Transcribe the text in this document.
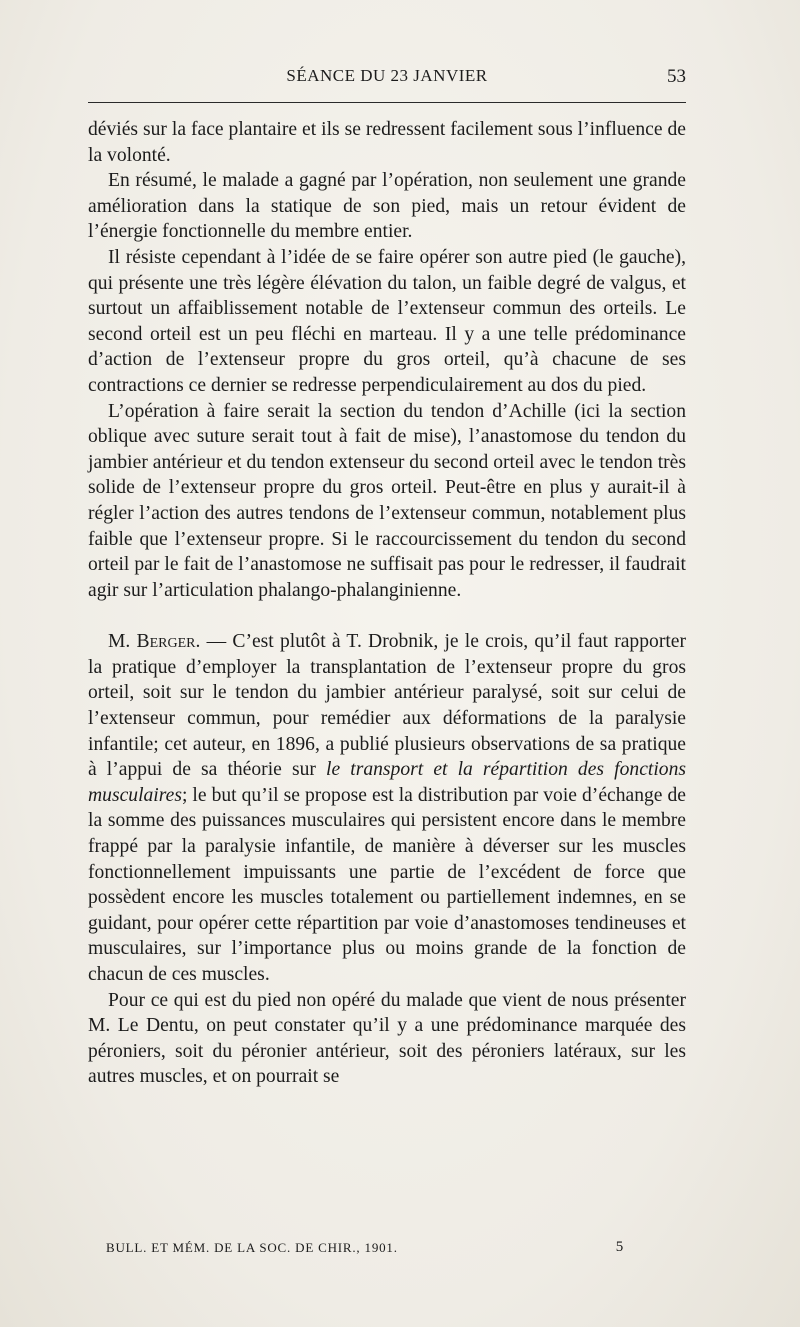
SÉANCE DU 23 JANVIER	53

déviés sur la face plantaire et ils se redressent facilement sous l’influence de la volonté.

En résumé, le malade a gagné par l’opération, non seulement une grande amélioration dans la statique de son pied, mais un retour évident de l’énergie fonctionnelle du membre entier.

Il résiste cependant à l’idée de se faire opérer son autre pied (le gauche), qui présente une très légère élévation du talon, un faible degré de valgus, et surtout un affaiblissement notable de l’extenseur commun des orteils. Le second orteil est un peu fléchi en marteau. Il y a une telle prédominance d’action de l’extenseur propre du gros orteil, qu’à chacune de ses contractions ce dernier se redresse perpendiculairement au dos du pied.

L’opération à faire serait la section du tendon d’Achille (ici la section oblique avec suture serait tout à fait de mise), l’anastomose du tendon du jambier antérieur et du tendon extenseur du second orteil avec le tendon très solide de l’extenseur propre du gros orteil. Peut-être en plus y aurait-il à régler l’action des autres tendons de l’extenseur commun, notablement plus faible que l’extenseur propre. Si le raccourcissement du tendon du second orteil par le fait de l’anastomose ne suffisait pas pour le redresser, il faudrait agir sur l’articulation phalango-phalanginienne.

M. Berger. — C’est plutôt à T. Drobnik, je le crois, qu’il faut rapporter la pratique d’employer la transplantation de l’extenseur propre du gros orteil, soit sur le tendon du jambier antérieur paralysé, soit sur celui de l’extenseur commun, pour remédier aux déformations de la paralysie infantile; cet auteur, en 1896, a publié plusieurs observations de sa pratique à l’appui de sa théorie sur le transport et la répartition des fonctions musculaires; le but qu’il se propose est la distribution par voie d’échange de la somme des puissances musculaires qui persistent encore dans le membre frappé par la paralysie infantile, de manière à déverser sur les muscles fonctionnellement impuissants une partie de l’excédent de force que possèdent encore les muscles totalement ou partiellement indemnes, en se guidant, pour opérer cette répartition par voie d’anastomoses tendineuses et musculaires, sur l’importance plus ou moins grande de la fonction de chacun de ces muscles.

Pour ce qui est du pied non opéré du malade que vient de nous présenter M. Le Dentu, on peut constater qu’il y a une prédominance marquée des péroniers, soit du péronier antérieur, soit des péroniers latéraux, sur les autres muscles, et on pourrait se

BULL. ET MÉM. DE LA SOC. DE CHIR., 1901.	5
